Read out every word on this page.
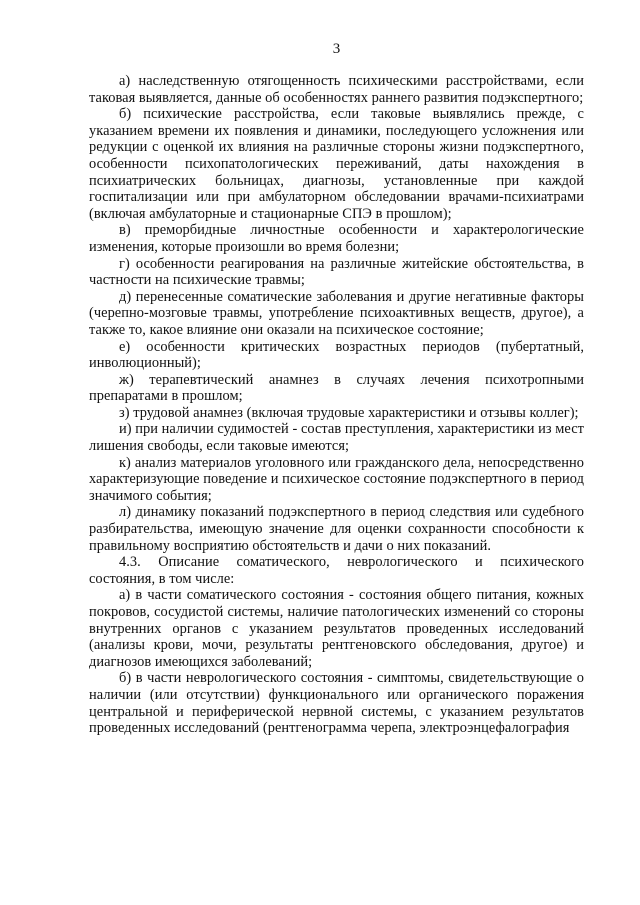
3

а) наследственную отягощенность психическими расстройствами, если таковая выявляется, данные об особенностях раннего развития подэкспертного;

б) психические расстройства, если таковые выявлялись прежде, с указанием времени их появления и динамики, последующего усложнения или редукции с оценкой их влияния на различные стороны жизни подэкспертного, особенности психопатологических переживаний, даты нахождения в психиатрических больницах, диагнозы, установленные при каждой госпитализации или при амбулаторном обследовании врачами-психиатрами (включая амбулаторные и стационарные СПЭ в прошлом);

в) преморбидные личностные особенности и характерологические изменения, которые произошли во время болезни;

г) особенности реагирования на различные житейские обстоятельства, в частности на психические травмы;

д) перенесенные соматические заболевания и другие негативные факторы (черепно-мозговые травмы, употребление психоактивных веществ, другое), а также то, какое влияние они оказали на психическое состояние;

е) особенности критических возрастных периодов (пубертатный, инволюционный);

ж) терапевтический анамнез в случаях лечения психотропными препаратами в прошлом;

з) трудовой анамнез (включая трудовые характеристики и отзывы коллег);

и) при наличии судимостей - состав преступления, характеристики из мест лишения свободы, если таковые имеются;

к) анализ материалов уголовного или гражданского дела, непосредственно характеризующие поведение и психическое состояние подэкспертного в период значимого события;

л) динамику показаний подэкспертного в период следствия или судебного разбирательства, имеющую значение для оценки сохранности способности к правильному восприятию обстоятельств и дачи о них показаний.

4.3. Описание соматического, неврологического и психического состояния, в том числе:

а) в части соматического состояния - состояния общего питания, кожных покровов, сосудистой системы, наличие патологических изменений со стороны внутренних органов с указанием результатов проведенных исследований (анализы крови, мочи, результаты рентгеновского обследования, другое) и диагнозов имеющихся заболеваний;

б) в части неврологического состояния - симптомы, свидетельствующие о наличии (или отсутствии) функционального или органического поражения центральной и периферической нервной системы, с указанием результатов проведенных исследований (рентгенограмма черепа, электроэнцефалография
